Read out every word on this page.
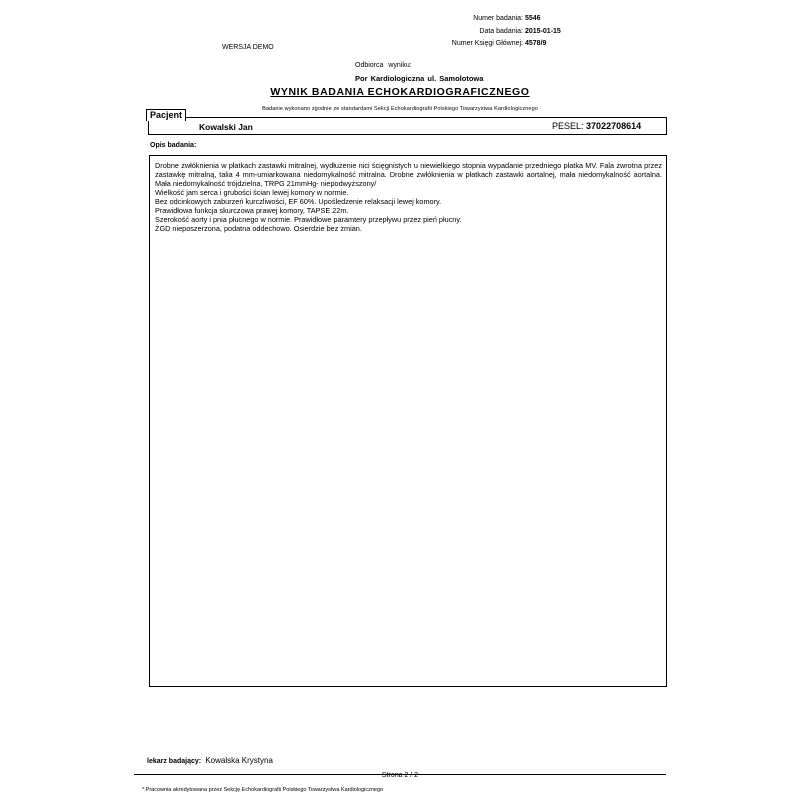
Numer badania: 5546
Data badania: 2015-01-15
Numer Księgi Głównej: 4578/9
WERSJA DEMO
Odbiorca wyniku:
Por Kardiologiczna ul. Samolotowa
WYNIK BADANIA ECHOKARDIOGRAFICZNEGO
Badanie wykonano zgodnie ze standardami Sekcji Echokardiografii Polskiego Towarzystwa Kardiologicznego
Pacjent
Kowalski Jan	PESEL: 37022708614
Opis badania:

Drobne zwłóknienia w płatkach zastawki mitralnej, wydłużenie nici ścięgnistych u niewielkiego stopnia wypadanie przedniego płatka MV. Fala zwrotna przez zastawkę mitralną, talia 4 mm-umiarkowana niedomykalność mitralna. Drobne zwłóknienia w płatkach zastawki aortalnej, mała niedomykalność aortalna. Mała niedomykalność trójdzielna, TRPG 21mmHg- niepodwyższony/

Wielkość jam serca i grubości ścian lewej komory w normie.

Bez odcinkowych zaburzeń kurczliwości, EF 60%. Upośledzenie relaksacji lewej komory.

Prawidłowa funkcja skurczowa prawej komory, TAPSE 22m.

Szerokość aorty i pnia płucnego w normie. Prawidłowe paramtery przepływu przez pień płucny.

ŻGD nieposzerzona, podatna oddechowo. Osierdzie bez zmian.

lekarz badający: Kowalska Krystyna
Strona 2 / 2
* Pracownia akredytowana przez Sekcję Echokardiografii Polskiego Towarzystwa Kardiologicznego
